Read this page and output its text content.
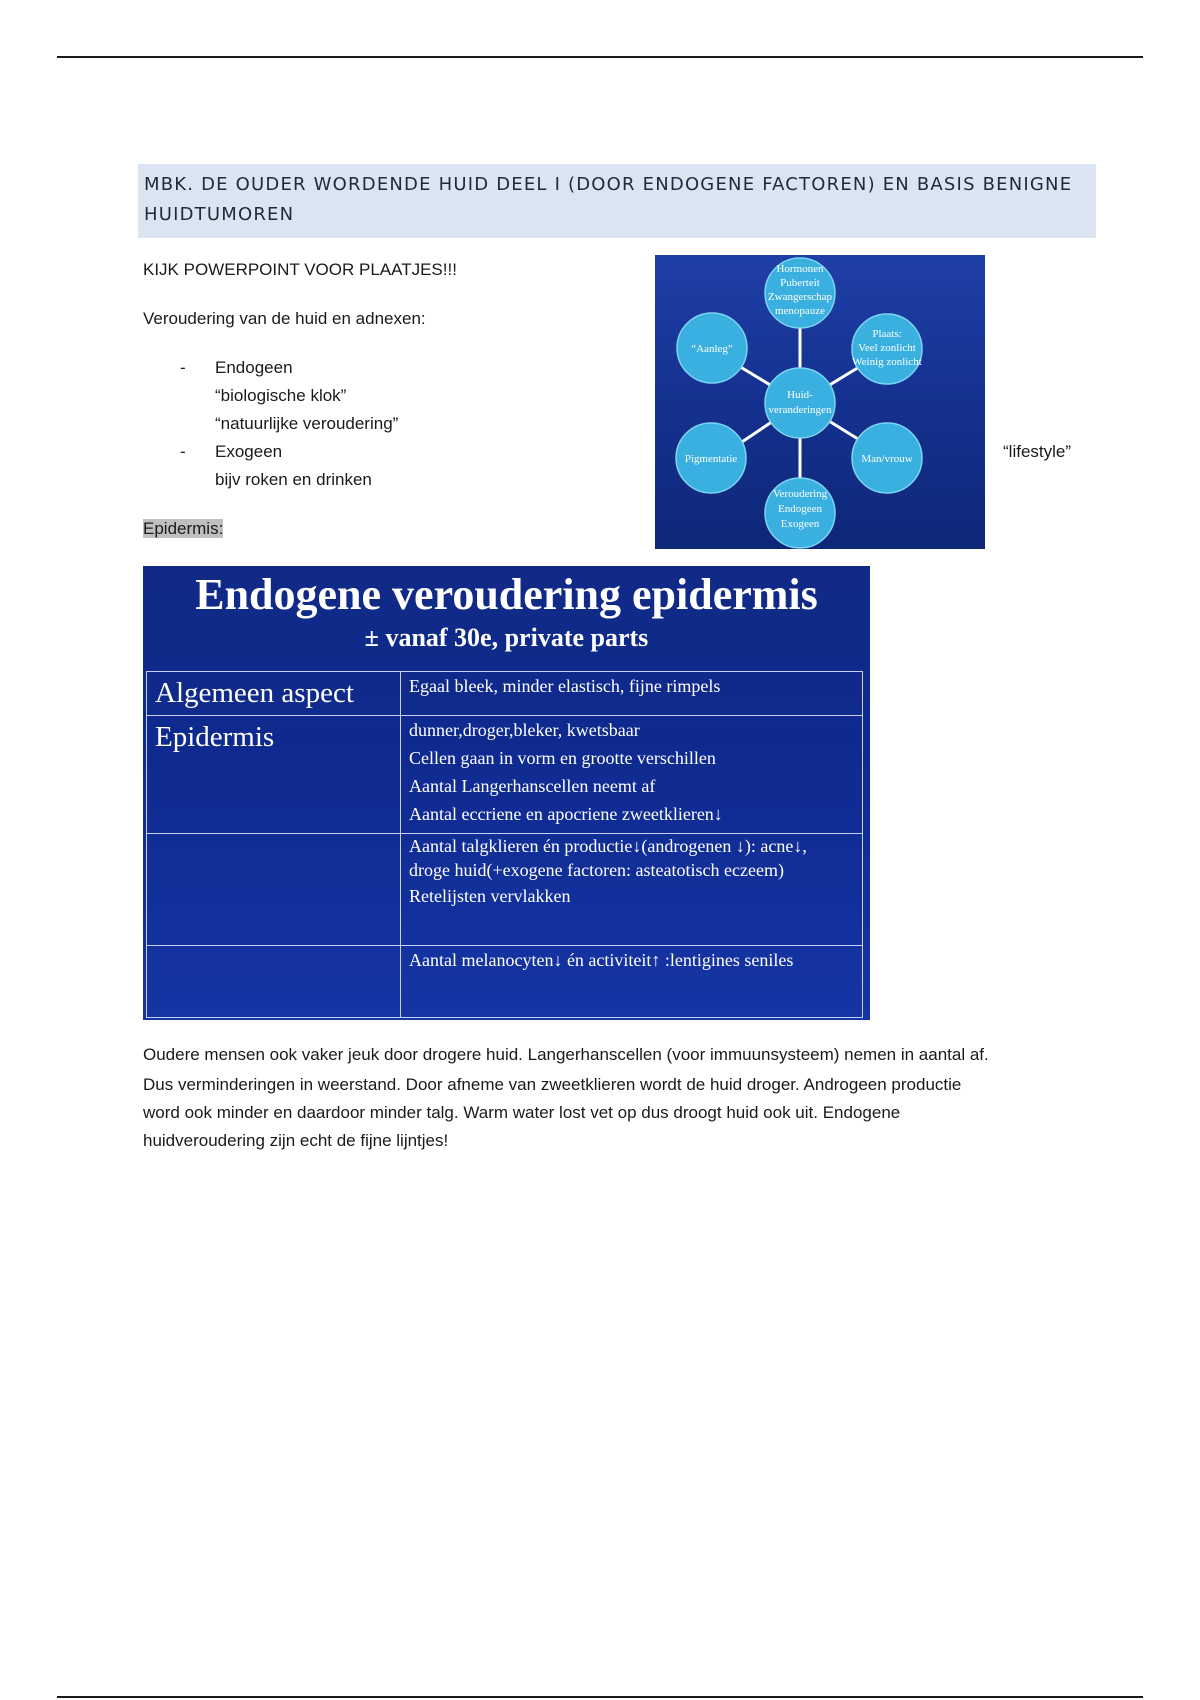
MBK. DE OUDER WORDENDE HUID DEEL I (DOOR ENDOGENE FACTOREN) EN BASIS BENIGNE
HUIDTUMOREN
KIJK POWERPOINT VOOR PLAATJES!!!
Veroudering van de huid en adnexen:
- Endogeen
“biologische klok”
“natuurlijke veroudering”
- Exogeen
bijv roken en drinken
“lifestyle”
Epidermis:
Hormonen
Puberteit
Zwangerschap
menopauze
“Aanleg”
Plaats:
Veel zonlicht
Weinig zonlicht
Huid-
veranderingen
Pigmentatie	Man/vrouw
Veroudering
Endogeen
Exogeen
Endogene veroudering epidermis
± vanaf 30e, private parts
Algemeen aspect	Egaal bleek, minder elastisch, fijne rimpels

Epidermis	dunner,droger,bleker, kwetsbaar
Cellen gaan in vorm en grootte verschillen
Aantal Langerhanscellen neemt af
Aantal eccriene en apocriene zweetklieren↓

	Aantal talgklieren én productie↓(androgenen ↓): acne↓,
droge huid(+exogene factoren: asteatotisch eczeem)
Retelijsten vervlakken

	Aantal melanocyten↓ én activiteit↑ :lentigines seniles
Oudere mensen ook vaker jeuk door drogere huid. Langerhanscellen (voor immuunsysteem) nemen in aantal af.
Dus verminderingen in weerstand. Door afneme van zweetklieren wordt de huid droger. Androgeen productie
word ook minder en daardoor minder talg. Warm water lost vet op dus droogt huid ook uit. Endogene
huidveroudering zijn echt de fijne lijntjes!
